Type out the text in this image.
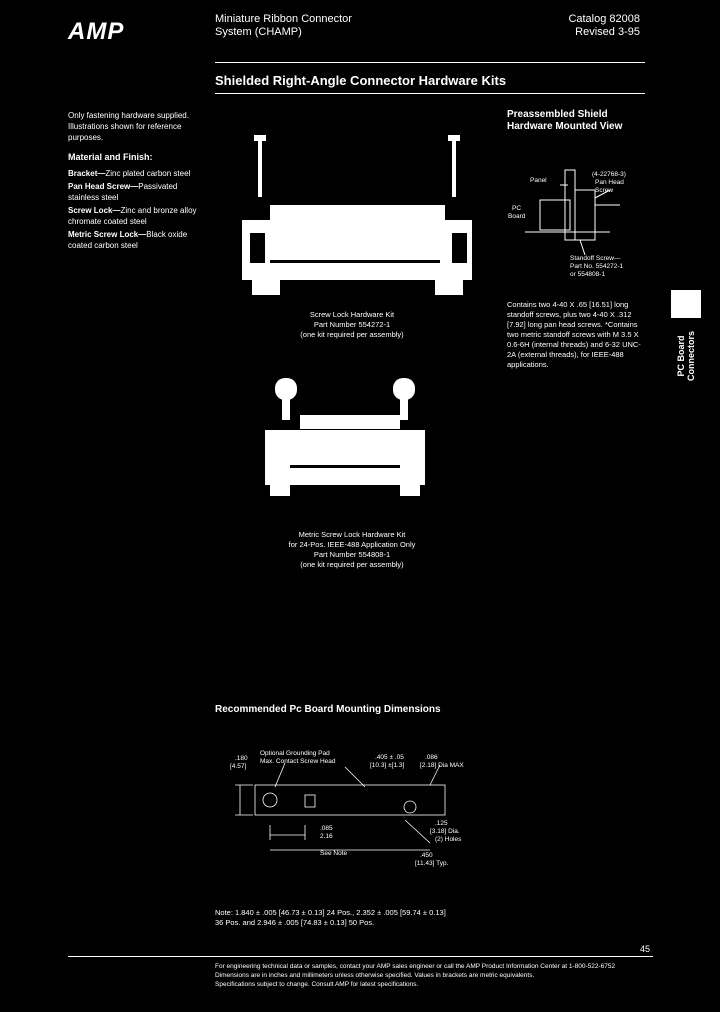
AMP	Miniature Ribbon Connector
System (CHAMP)
Catalog 82008
Revised 3-95
Shielded Right-Angle Connector Hardware Kits
Only fastening hardware supplied. Illustrations shown for reference purposes.
Material and Finish:

Bracket—Zinc plated carbon steel

Pan Head Screw—Passivated stainless steel

Screw Lock—Zinc and bronze alloy chromate coated steel

Metric Screw Lock—Black oxide coated carbon steel

Screw Lock Hardware Kit
Part Number 554272-1
(one kit required per assembly)
Metric Screw Lock Hardware Kit
for 24-Pos. IEEE-488 Application Only
Part Number 554808-1
(one kit required per assembly)
Preassembled Shield
Hardware Mounted View
Panel
PC
Board
(4-22768-3)
Pan Head
Screw
Standoff Screw—
Part No. 554272-1
or 554808-1
Contains two 4-40 X .65 [16.51] long standoff screws, plus two 4-40 X .312 [7.92] long pan head screws. *Contains two metric standoff screws with M 3.5 X 0.6-6H (internal threads) and 6-32 UNC-2A (external threads), for IEEE-488 applications.	PC Board Connectors
Recommended Pc Board Mounting Dimensions
.180
[4.57]
Optional Grounding Pad
Max. Contact Screw Head
.405 ± .05
[10.3] ±[1.3]
.086
[2.18] Dia MAX
.085
2.16
.125
[3.18] Dia.
(2) Holes
See Note	.450
[11.43] Typ.
Note: 1.840 ± .005 [46.73 ± 0.13] 24 Pos., 2.352 ± .005 [59.74 ± 0.13]
36 Pos. and 2.946 ± .005 [74.83 ± 0.13] 50 Pos.
45

For engineering technical data or samples, contact your AMP sales engineer or call the AMP Product Information Center at 1-800-522-6752

Dimensions are in inches and millimeters unless otherwise specified. Values in brackets are metric equivalents.

Specifications subject to change. Consult AMP for latest specifications.
